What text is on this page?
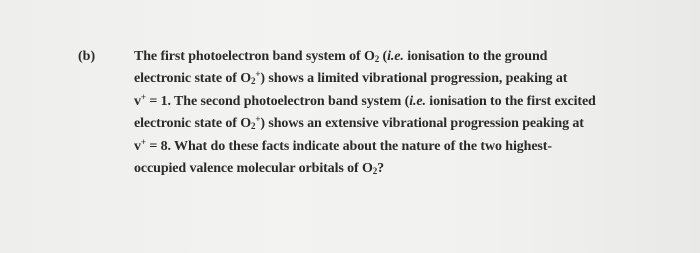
(b)	The first photoelectron band system of $O_2$ (i.e. ionisation to the ground
electronic state of $O_2^+$) shows a limited vibrational progression, peaking at
v+ = 1. The second photoelectron band system (i.e. ionisation to the first excited
electronic state of $O_2^+$) shows an extensive vibrational progression peaking at
v+ = 8. What do these facts indicate about the nature of the two highest-
occupied valence molecular orbitals of $O_2$?
